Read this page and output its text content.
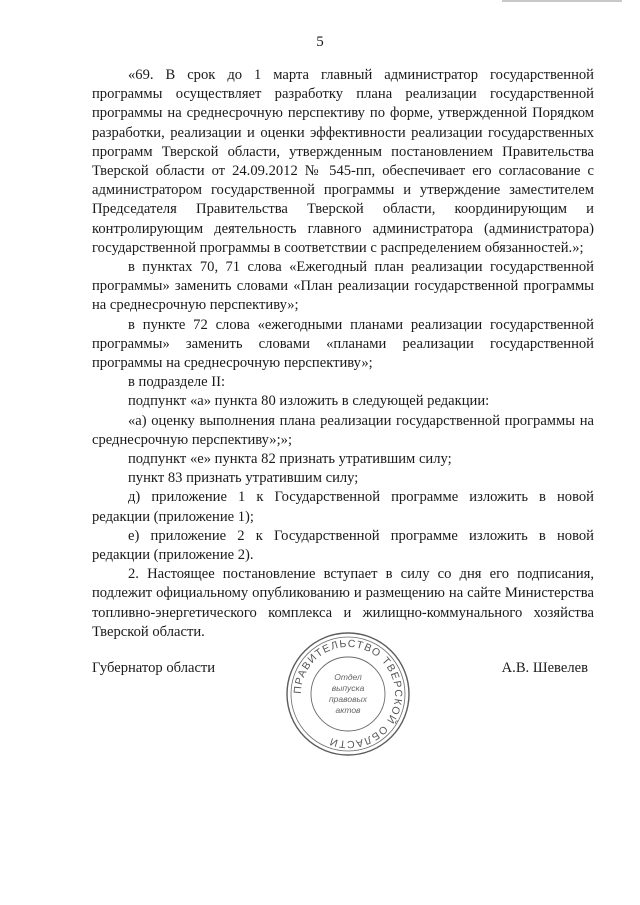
5

«69. В срок до 1 марта главный администратор государственной программы осуществляет разработку плана реализации государственной программы на среднесрочную перспективу по форме, утвержденной Порядком разработки, реализации и оценки эффективности реализации государственных программ Тверской области, утвержденным постановлением Правительства Тверской области от 24.09.2012 № 545-пп, обеспечивает его согласование с администратором государственной программы и утверждение заместителем Председателя Правительства Тверской области, координирующим и контролирующим деятельность главного администратора (администратора) государственной программы в соответствии с распределением обязанностей.»;

в пунктах 70, 71 слова «Ежегодный план реализации государственной программы» заменить словами «План реализации государственной программы на среднесрочную перспективу»;

в пункте 72 слова «ежегодными планами реализации государственной программы» заменить словами «планами реализации государственной программы на среднесрочную перспективу»;

в подразделе II:

подпункт «а» пункта 80 изложить в следующей редакции:

«а) оценку выполнения плана реализации государственной программы на среднесрочную перспективу»;»;

подпункт «е» пункта 82 признать утратившим силу;

пункт 83 признать утратившим силу;

д) приложение 1 к Государственной программе изложить в новой редакции (приложение 1);

е) приложение 2 к Государственной программе изложить в новой редакции (приложение 2).

2. Настоящее постановление вступает в силу со дня его подписания, подлежит официальному опубликованию и размещению на сайте Министерства топливно-энергетического комплекса и жилищно-коммунального хозяйства Тверской области.

Губернатор области	А.В. Шевелев
ПРАВИТЕЛЬСТВО ТВЕРСКОЙ ОБЛАСТИ
Отдел
выпуска
правовых
актов
